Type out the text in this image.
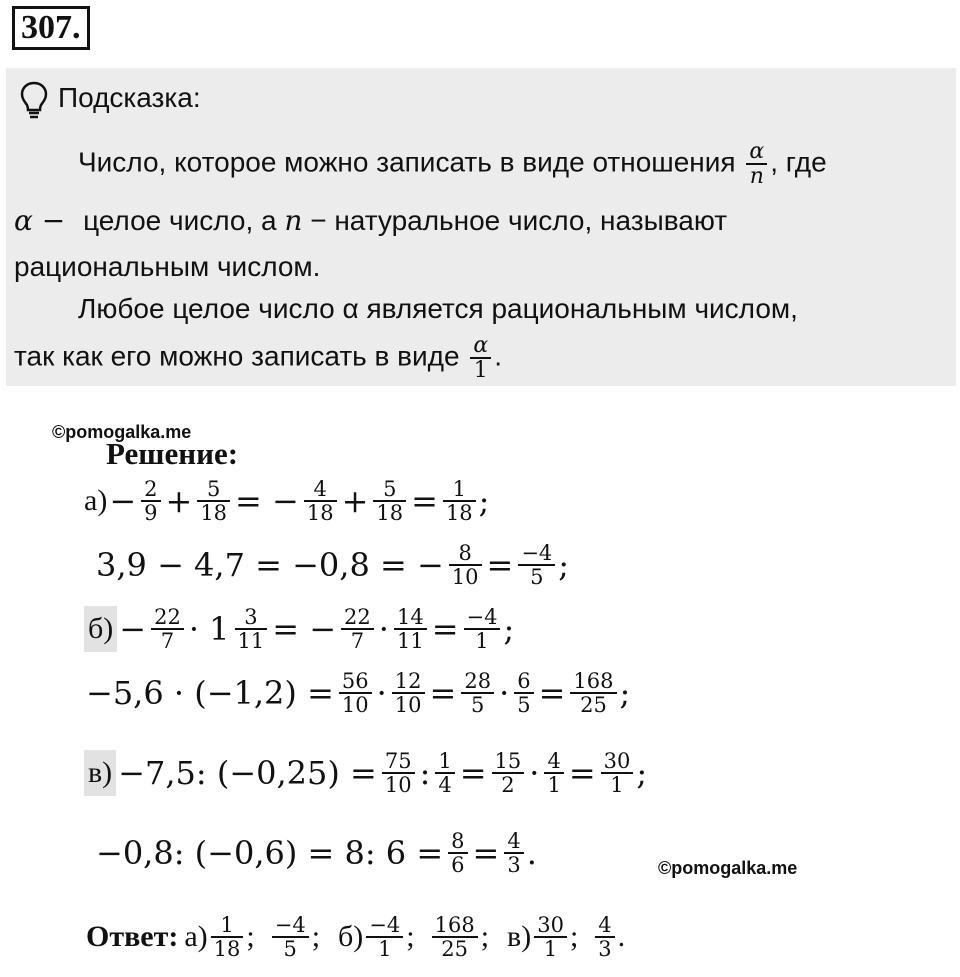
307.
Подсказка:
Число, которое можно записать в виде отношения $\frac{\alpha}{n}$ , где
α − целое число, а n − натуральное число, называют
рациональным числом.
Любое целое число α является рациональным числом,
так как его можно записать в виде $\frac{\alpha}{1}$ .
©pomogalka.me
Решение:
$а) - \frac{2}{9} + \frac{5}{18}$ = − $\frac{4}{18} + \frac{5}{18} = \frac{1}{18}$ ;
3,9 − 4,7 = −0,8 = − $\frac{8}{10} = \frac{-4}{5}$ ;
$б) - \frac{22}{7} \cdot 1 \frac{3}{11}$ = − $\frac{22}{7} \cdot \frac{14}{11} = \frac{-4}{1}$ ;
$-5,6 \cdot (-1,2) = \frac{56}{10} \cdot \frac{12}{10} = \frac{28}{5} \cdot \frac{6}{5} = \frac{168}{25}$ ;
в) −7,5: $(-0,25) = \frac{75}{10}$ : $\frac{1}{4} = \frac{15}{2} \cdot \frac{4}{1} = \frac{30}{1}$ ;
−0,8: (−0,6) = 8: $6 = \frac{8}{6} = \frac{4}{3}$ .	©pomogalka.me
Ответ: $а) \frac{1}{18}$ ; $\frac{-4}{5}$ ; $б) \frac{-4}{1}$ ; $\frac{168}{25}$ ; $в) \frac{30}{1}$ ; $\frac{4}{3}$ .
